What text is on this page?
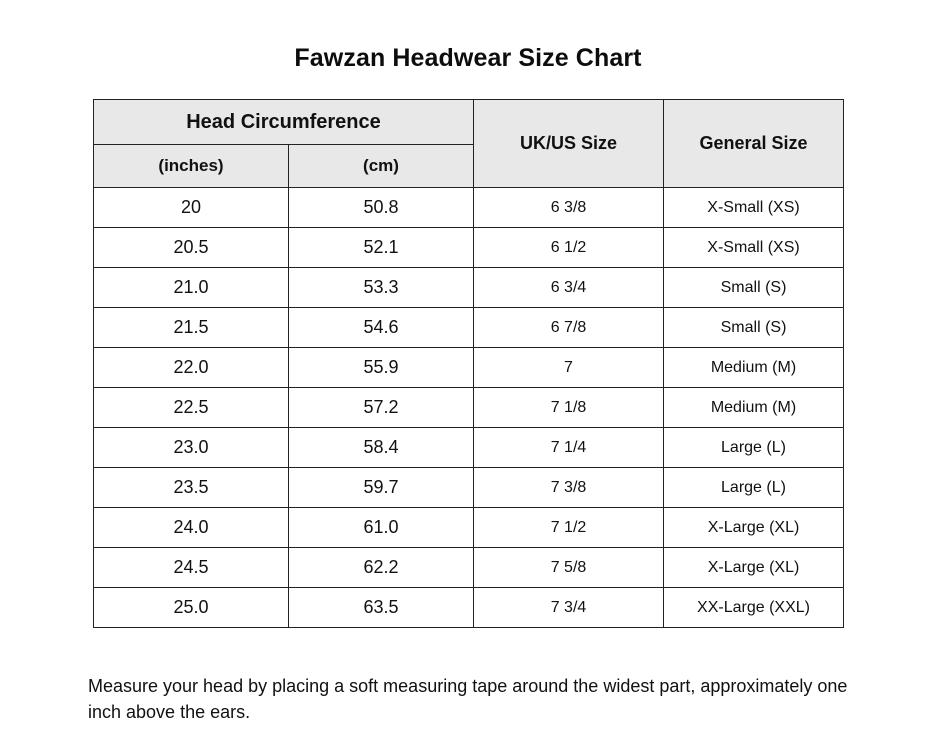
Fawzan Headwear Size Chart
Head Circumference		UK/US Size	General Size
(inches)	(cm)		
20	50.8	6 3/8	X-Small (XS)
20.5	52.1	6 1/2	X-Small (XS)
21.0	53.3	6 3/4	Small (S)
21.5	54.6	6 7/8	Small (S)
22.0	55.9	7	Medium (M)
22.5	57.2	7 1/8	Medium (M)
23.0	58.4	7 1/4	Large (L)
23.5	59.7	7 3/8	Large (L)
24.0	61.0	7 1/2	X-Large (XL)
24.5	62.2	7 5/8	X-Large (XL)
25.0	63.5	7 3/4	XX-Large (XXL)

Measure your head by placing a soft measuring tape around the widest part, approximately one inch above the ears.
